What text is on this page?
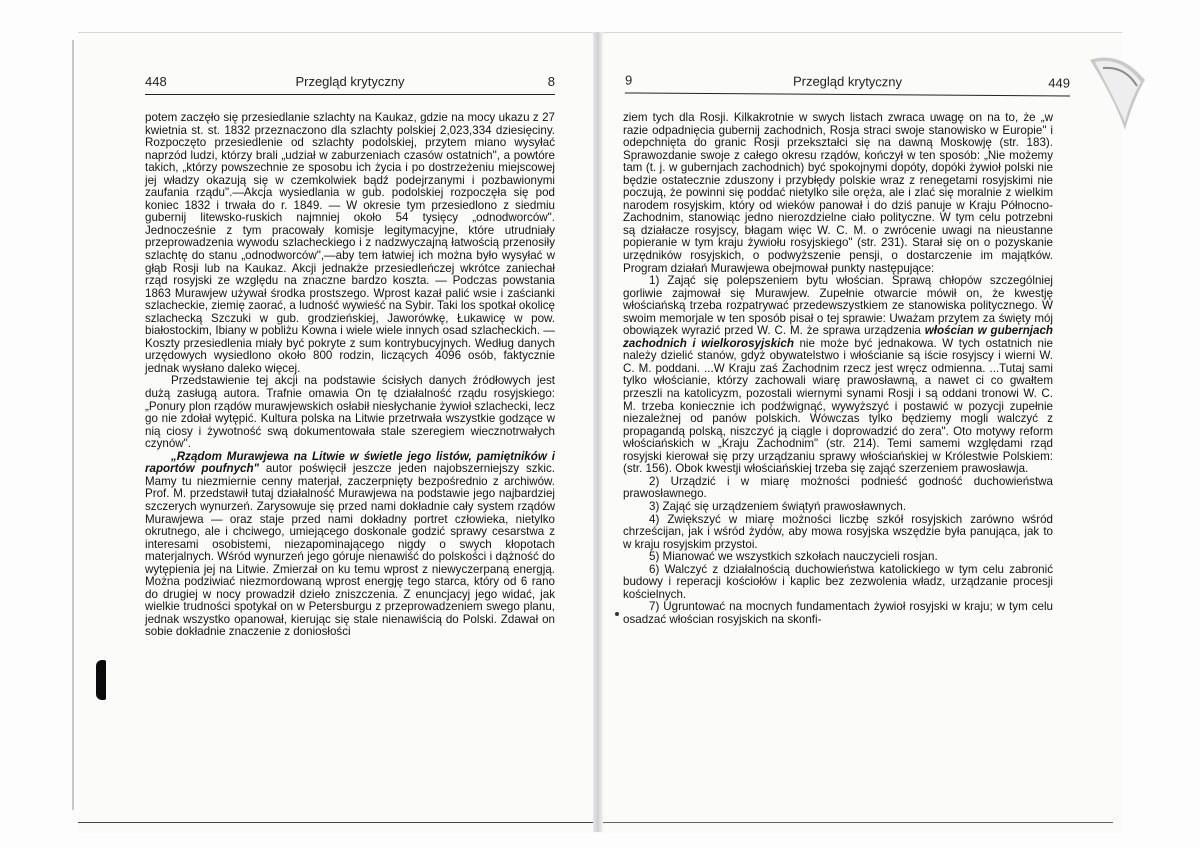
448	Przegląd krytyczny	8	9	Przegląd krytyczny	449

potem zaczęło się przesiedlanie szlachty na Kaukaz, gdzie na mocy ukazu z 27 kwietnia st. st. 1832 przeznaczono dla szlachty polskiej 2,023,334 dziesięciny. Rozpoczęto przesiedlenie od szlachty podolskiej, przytem miano wysyłać naprzód ludzi, którzy brali „udział w zaburzeniach czasów ostatnich", a powtóre takich, „którzy powszechnie ze sposobu ich życia i po dostrzeżeniu miejscowej jej władzy okazują się w czemkolwiek bądź podejrzanymi i pozbawionymi zaufania rządu".—Akcja wysiedlania w gub. podolskiej rozpoczęła się pod koniec 1832 i trwała do r. 1849. — W okresie tym przesiedlono z siedmiu gubernij litewsko-ruskich najmniej około 54 tysięcy „odnodworców". Jednocześnie z tym pracowały komisje legitymacyjne, które utrudniały przeprowadzenia wywodu szlacheckiego i z nadzwyczajną łatwością przenosiły szlachtę do stanu „odnodworców",—aby tem łatwiej ich można było wysyłać w głąb Rosji lub na Kaukaz. Akcji jednakże przesiedleńczej wkrótce zaniechał rząd rosyjski ze względu na znaczne bardzo koszta. — Podczas powstania 1863 Murawjew używał środka prostszego. Wprost kazał palić wsie i zaścianki szlacheckie, ziemię zaorać, a ludność wywieść na Sybir. Taki los spotkał okolicę szlachecką Szczuki w gub. grodzieńskiej, Jaworówkę, Łukawicę w pow. białostockim, Ibiany w pobliżu Kowna i wiele wiele innych osad szlacheckich. — Koszty przesiedlenia miały być pokryte z sum kontrybucyjnych. Według danych urzędowych wysiedlono około 800 rodzin, liczących 4096 osób, faktycznie jednak wysłano daleko więcej.

Przedstawienie tej akcji na podstawie ścisłych danych źródłowych jest dużą zasługą autora. Trafnie omawia On tę działalność rządu rosyjskiego: „Ponury plon rządów murawjewskich osłabił niesłychanie żywioł szlachecki, lecz go nie zdołał wytępić. Kultura polska na Litwie przetrwała wszystkie godzące w nią ciosy i żywotność swą dokumentowała stale szeregiem wiecznotrwałych czynów".

„Rządom Murawjewa na Litwie w świetle jego listów, pamiętników i raportów poufnych" autor poświęcił jeszcze jeden najobszerniejszy szkic. Mamy tu niezmiernie cenny materjał, zaczerpnięty bezpośrednio z archiwów. Prof. M. przedstawił tutaj działalność Murawjewa na podstawie jego najbardziej szczerych wynurzeń. Zarysowuje się przed nami dokładnie cały system rządów Murawjewa — oraz staje przed nami dokładny portret człowieka, nietylko okrutnego, ale i chciwego, umiejącego doskonale godzić sprawy cesarstwa z interesami osobistemi, niezapominającego nigdy o swych kłopotach materjalnych. Wśród wynurzeń jego góruje nienawiść do polskości i dążność do wytępienia jej na Litwie. Zmierzał on ku temu wprost z niewyczerpaną energją. Można podziwiać niezmordowaną wprost energję tego starca, który od 6 rano do drugiej w nocy prowadził dzieło zniszczenia. Z enuncjacyj jego widać, jak wielkie trudności spotykał on w Petersburgu z przeprowadzeniem swego planu, jednak wszystko opanował, kierując się stale nienawiścią do Polski. Zdawał on sobie dokładnie znaczenie z doniosłości

ziem tych dla Rosji. Kilkakrotnie w swych listach zwraca uwagę on na to, że „w razie odpadnięcia gubernij zachodnich, Rosja straci swoje stanowisko w Europie" i odepchnięta do granic Rosji przekształci się na dawną Moskowję (str. 183). Sprawozdanie swoje z całego okresu rządów, kończył w ten sposób: „Nie możemy tam (t. j. w gubernjach zachodnich) być spokojnymi dopóty, dopóki żywioł polski nie będzie ostatecznie zduszony i przybłędy polskie wraz z renegetami rosyjskimi nie poczują, że powinni się poddać nietylko sile oręża, ale i zlać się moralnie z wielkim narodem rosyjskim, który od wieków panował i do dziś panuje w Kraju Północno-Zachodnim, stanowiąc jedno nierozdzielne ciało polityczne. W tym celu potrzebni są działacze rosyjscy, błagam więc W. C. M. o zwrócenie uwagi na nieustanne popieranie w tym kraju żywiołu rosyjskiego" (str. 231). Starał się on o pozyskanie urzędników rosyjskich, o podwyższenie pensji, o dostarczenie im majątków. Program działań Murawjewa obejmował punkty następujące:

1) Zająć się polepszeniem bytu włościan. Sprawą chłopów szczególniej gorliwie zajmował się Murawjew. Zupełnie otwarcie mówił on, że kwestję włościańską trzeba rozpatrywać przedewszystkiem ze stanowiska politycznego. W swoim memorjale w ten sposób pisał o tej sprawie: Uważam przytem za święty mój obowiązek wyrazić przed W. C. M. że sprawa urządzenia włościan w gubernjach zachodnich i wielkorosyjskich nie może być jednakowa. W tych ostatnich nie należy dzielić stanów, gdyż obywatelstwo i włościanie są iście rosyjscy i wierni W. C. M. poddani. ...W Kraju zaś Zachodnim rzecz jest wręcz odmienna. ...Tutaj sami tylko włościanie, którzy zachowali wiarę prawosławną, a nawet ci co gwałtem przeszli na katolicyzm, pozostali wiernymi synami Rosji i są oddani tronowi W. C. M. trzeba koniecznie ich podźwignąć, wywyższyć i postawić w pozycji zupełnie niezależnej od panów polskich. Wówczas tylko będziemy mogli walczyć z propagandą polską, niszczyć ją ciągle i doprowadzić do zera". Oto motywy reform włościańskich w „Kraju Zachodnim" (str. 214). Temi samemi względami rząd rosyjski kierował się przy urządzaniu sprawy włościańskiej w Królestwie Polskiem: (str. 156). Obok kwestji włościańskiej trzeba się zająć szerzeniem prawosławja.

2) Urządzić i w miarę możności podnieść godność duchowieństwa prawosławnego.

3) Zająć się urządzeniem świątyń prawosławnych.

4) Zwiększyć w miarę możności liczbę szkół rosyjskich zarówno wśród chrześcijan, jak i wśród żydów, aby mowa rosyjska wszędzie była panująca, jak to w kraju rosyjskim przystoi.

5) Mianować we wszystkich szkołach nauczycieli rosjan.

6) Walczyć z działalnością duchowieństwa katolickiego w tym celu zabronić budowy i reperacji kościołów i kaplic bez zezwolenia władz, urządzanie procesji kościelnych.

7) Ugruntować na mocnych fundamentach żywioł rosyjski w kraju; w tym celu osadzać włościan rosyjskich na skonfi-
